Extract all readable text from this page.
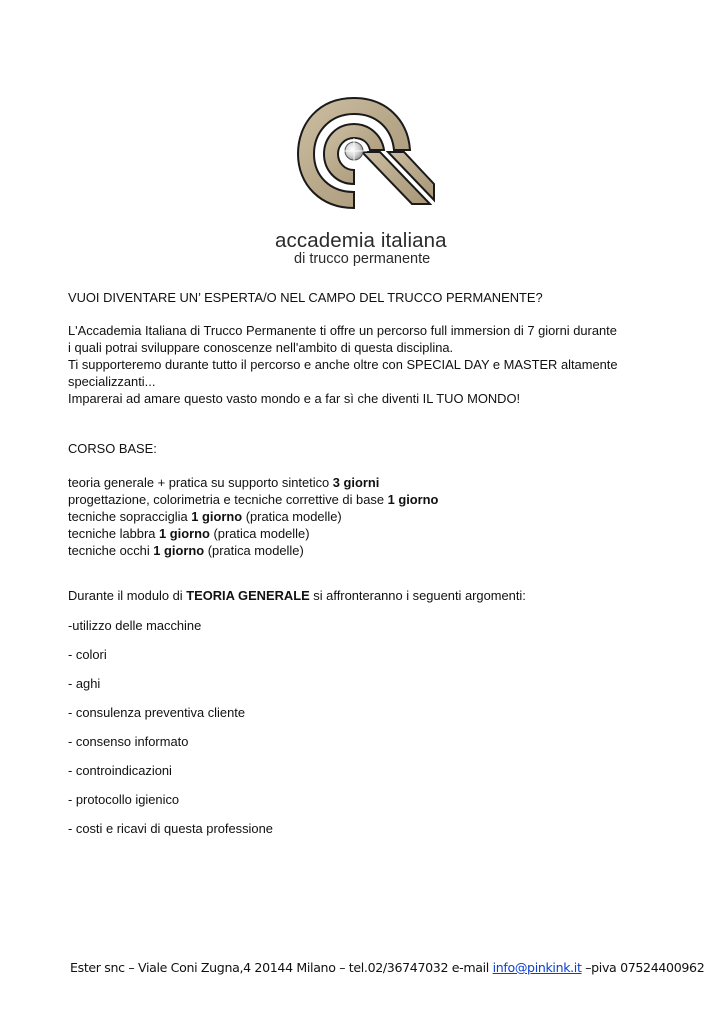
accademia italiana
di trucco permanente
VUOI DIVENTARE UN’ ESPERTA/O NEL CAMPO DEL TRUCCO PERMANENTE?
L'Accademia Italiana di Trucco Permanente ti offre un percorso full immersion di 7 giorni durante
i quali potrai sviluppare conoscenze nell'ambito di questa disciplina.
Ti supporteremo durante tutto il percorso e anche oltre con SPECIAL DAY e MASTER altamente
specializzanti...
Imparerai ad amare questo vasto mondo e a far sì che diventi IL TUO MONDO!
CORSO BASE:
teoria generale + pratica su supporto sintetico 3 giorni
progettazione, colorimetria e tecniche correttive di base 1 giorno
tecniche sopracciglia 1 giorno (pratica modelle)
tecniche labbra 1 giorno (pratica modelle)
tecniche occhi 1 giorno (pratica modelle)
Durante il modulo di TEORIA GENERALE si affronteranno i seguenti argomenti:
-utilizzo delle macchine
- colori
- aghi
- consulenza preventiva cliente
- consenso informato
- controindicazioni
- protocollo igienico
- costi e ricavi di questa professione
Ester snc – Viale Coni Zugna,4 20144 Milano – tel.02/36747032 e-mail info@pinkink.it –piva 07524400962
